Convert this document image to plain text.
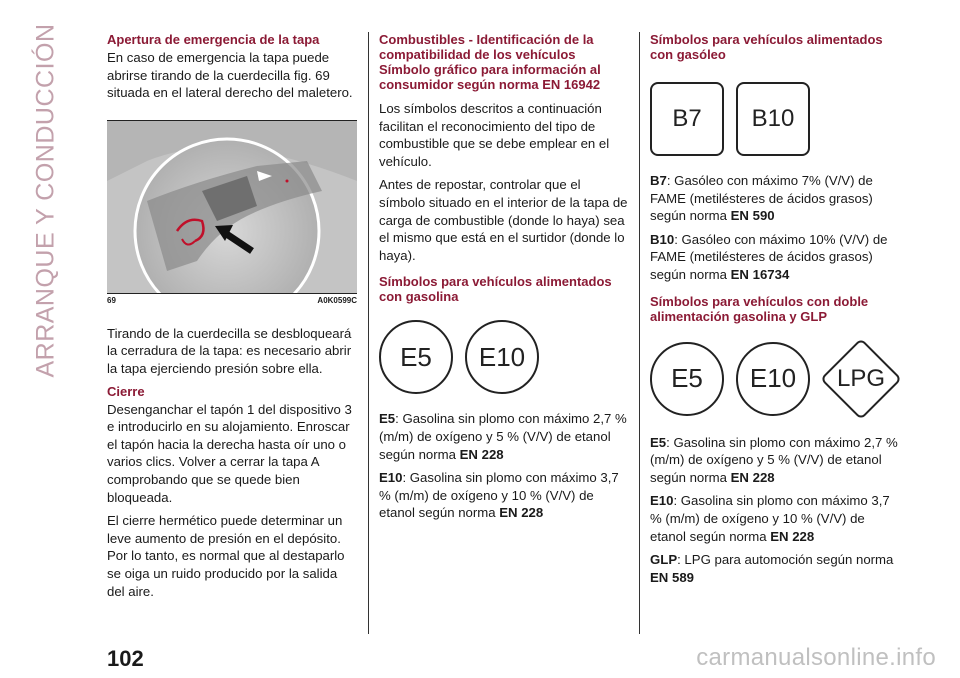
ARRANQUE Y CONDUCCIÓN	Apertura de emergencia de la tapa

En caso de emergencia la tapa puede abrirse tirando de la cuerdecilla fig. 69 situada en el lateral derecho del maletero.

69	A0K0599C

Tirando de la cuerdecilla se desbloqueará la cerradura de la tapa: es necesario abrir la tapa ejerciendo presión sobre ella.

Cierre

Desenganchar el tapón 1 del dispositivo 3 e introducirlo en su alojamiento. Enroscar el tapón hacia la derecha hasta oír uno o varios clics. Volver a cerrar la tapa A comprobando que se quede bien bloqueada.

El cierre hermético puede determinar un leve aumento de presión en el depósito. Por lo tanto, es normal que al destaparlo se oiga un ruido producido por la salida del aire.

Combustibles - Identificación de la compatibilidad de los vehículos Símbolo gráfico para información al consumidor según norma EN 16942

Los símbolos descritos a continuación facilitan el reconocimiento del tipo de combustible que se debe emplear en el vehículo.

Antes de repostar, controlar que el símbolo situado en el interior de la tapa de carga de combustible (donde lo haya) sea el mismo que está en el surtidor (donde lo haya).

Símbolos para vehículos alimentados con gasolina
E5	E10

E5: Gasolina sin plomo con máximo 2,7 % (m/m) de oxígeno y 5 % (V/V) de etanol según norma EN 228

E10: Gasolina sin plomo con máximo 3,7 % (m/m) de oxígeno y 10 % (V/V) de etanol según norma EN 228

Símbolos para vehículos alimentados con gasóleo
B7	B10

B7: Gasóleo con máximo 7% (V/V) de FAME (metilésteres de ácidos grasos) según norma EN 590

B10: Gasóleo con máximo 10% (V/V) de FAME (metilésteres de ácidos grasos) según norma EN 16734

Símbolos para vehículos con doble alimentación gasolina y GLP
E5	E10	LPG

E5: Gasolina sin plomo con máximo 2,7 % (m/m) de oxígeno y 5 % (V/V) de etanol según norma EN 228

E10: Gasolina sin plomo con máximo 3,7 % (m/m) de oxígeno y 10 % (V/V) de etanol según norma EN 228

GLP: LPG para automoción según norma EN 589

102	carmanualsonline.info
